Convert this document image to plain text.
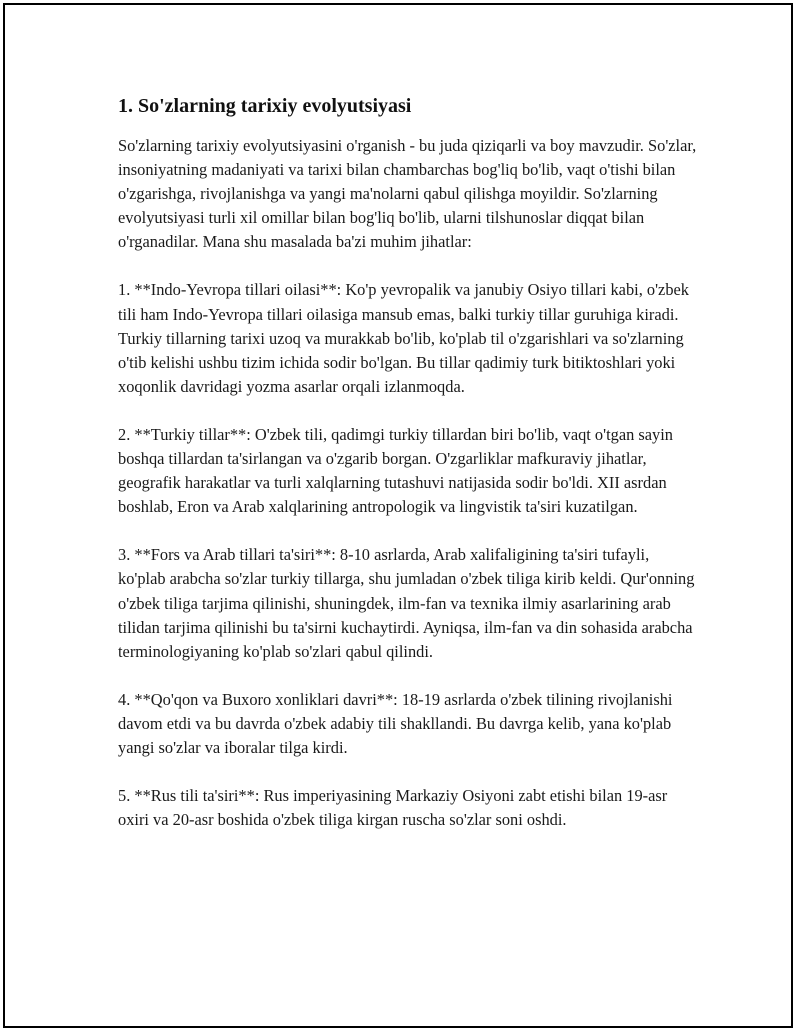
1. So'zlarning tarixiy evolyutsiyasi

So'zlarning tarixiy evolyutsiyasini o'rganish - bu juda qiziqarli va boy mavzudir. So'zlar, insoniyatning madaniyati va tarixi bilan chambarchas bog'liq bo'lib, vaqt o'tishi bilan o'zgarishga, rivojlanishga va yangi ma'nolarni qabul qilishga moyildir. So'zlarning evolyutsiyasi turli xil omillar bilan bog'liq bo'lib, ularni tilshunoslar diqqat bilan o'rganadilar. Mana shu masalada ba'zi muhim jihatlar:

1. **Indo-Yevropa tillari oilasi**: Ko'p yevropalik va janubiy Osiyo tillari kabi, o'zbek tili ham Indo-Yevropa tillari oilasiga mansub emas, balki turkiy tillar guruhiga kiradi. Turkiy tillarning tarixi uzoq va murakkab bo'lib, ko'plab til o'zgarishlari va so'zlarning o'tib kelishi ushbu tizim ichida sodir bo'lgan. Bu tillar qadimiy turk bitiktoshlari yoki xoqonlik davridagi yozma asarlar orqali izlanmoqda.

2. **Turkiy tillar**: O'zbek tili, qadimgi turkiy tillardan biri bo'lib, vaqt o'tgan sayin boshqa tillardan ta'sirlangan va o'zgarib borgan. O'zgarliklar mafkuraviy jihatlar, geografik harakatlar va turli xalqlarning tutashuvi natijasida sodir bo'ldi. XII asrdan boshlab, Eron va Arab xalqlarining antropologik va lingvistik ta'siri kuzatilgan.

3. **Fors va Arab tillari ta'siri**: 8-10 asrlarda, Arab xalifaligining ta'siri tufayli, ko'plab arabcha so'zlar turkiy tillarga, shu jumladan o'zbek tiliga kirib keldi. Qur'onning o'zbek tiliga tarjima qilinishi, shuningdek, ilm-fan va texnika ilmiy asarlarining arab tilidan tarjima qilinishi bu ta'sirni kuchaytirdi. Ayniqsa, ilm-fan va din sohasida arabcha terminologiyaning ko'plab so'zlari qabul qilindi.

4. **Qo'qon va Buxoro xonliklari davri**: 18-19 asrlarda o'zbek tilining rivojlanishi davom etdi va bu davrda o'zbek adabiy tili shakllandi. Bu davrga kelib, yana ko'plab yangi so'zlar va iboralar tilga kirdi.

5. **Rus tili ta'siri**: Rus imperiyasining Markaziy Osiyoni zabt etishi bilan 19-asr oxiri va 20-asr boshida o'zbek tiliga kirgan ruscha so'zlar soni oshdi.
